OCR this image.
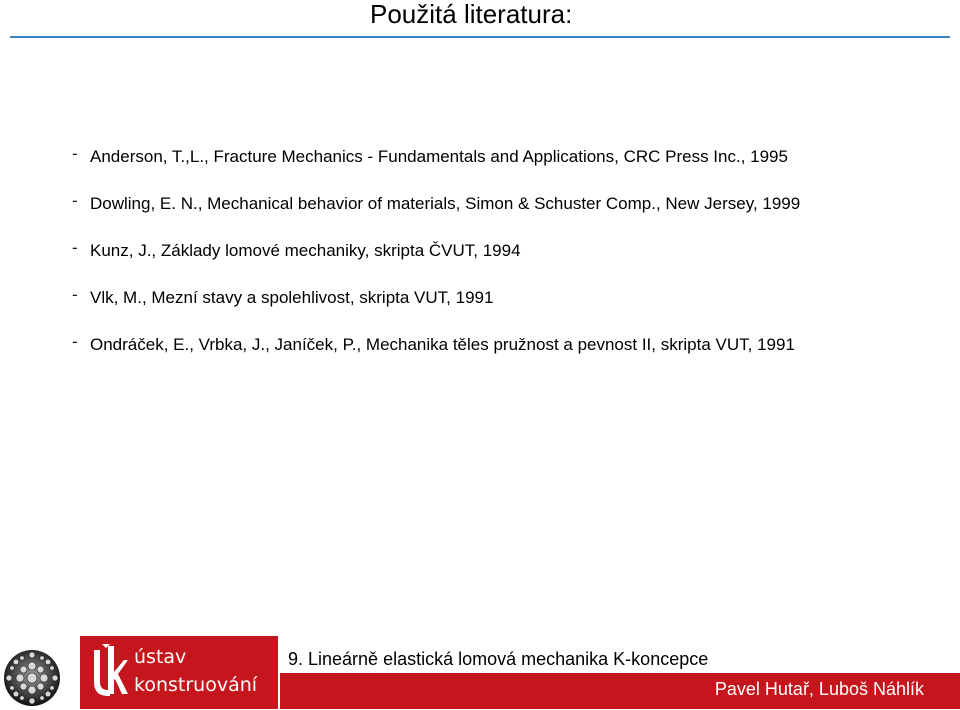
Použitá literatura:
- Anderson, T.,L., Fracture Mechanics - Fundamentals and Applications, CRC Press Inc., 1995
- Dowling, E. N., Mechanical behavior of materials, Simon & Schuster Comp., New Jersey, 1999
- Kunz, J., Základy lomové mechaniky, skripta ČVUT, 1994
- Vlk, M., Mezní stavy a spolehlivost, skripta VUT, 1991
- Ondráček, E., Vrbka, J., Janíček, P., Mechanika těles pružnost a pevnost II, skripta VUT, 1991
ústav
konstruování
9. Lineárně elastická lomová mechanika K-koncepce
Pavel Hutař, Luboš Náhlík
